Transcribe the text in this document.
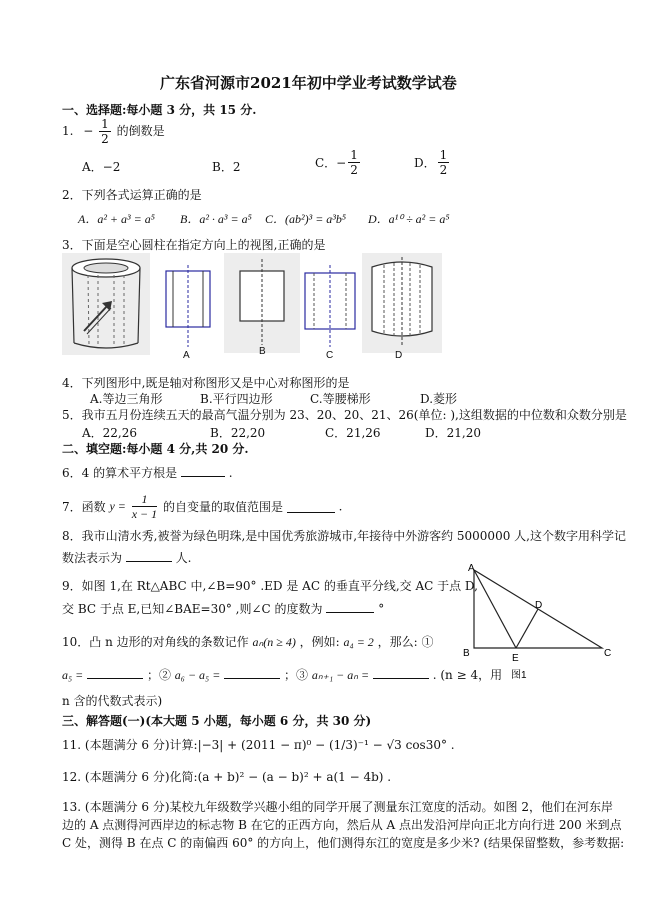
广东省河源市2021年初中学业考试数学试卷
一、选择题:每小题 3 分，共 15 分.
1. − $\frac{1}{2}$ 的倒数是
A．−2	B．2	C．− $\frac{1}{2}$	D． $\frac{1}{2}$
2．下列各式运算正确的是
A．a² + a³ = a⁵ B．a² · a³ = a⁵ C．(ab²)³ = a³b⁵ D．a¹⁰ ÷ a² = a⁵
3．下面是空心圆柱在指定方向上的视图,正确的是
A	B	C	D
4．下列图形中,既是轴对称图形又是中心对称图形的是
A.等边三角形	B.平行四边形	C.等腰梯形	D.菱形
5．我市五月份连续五天的最高气温分别为 23、20、20、21、26(单位: ),这组数据的中位数和众数分别是
A．22,26	B．22,20	C．21,26	D．21,20
二、填空题:每小题 4 分,共 20 分.
6．4 的算术平方根是	.
7．函数 $y = \frac{1}{x - 1}$ 的自变量的取值范围是	.
8．我市山清水秀,被誉为绿色明珠,是中国优秀旅游城市,年接待中外游客约 5000000 人,这个数字用科学记
数法表示为	人.
9．如图 1,在 Rt△ABC 中,∠B=90° .ED 是 AC 的垂直平分线,交 AC 于点 D,
交 BC 于点 E,已知∠BAE=30° ,则∠C 的度数为	°
A
B	C
D
E
图1
10．凸 n 边形的对角线的条数记作 aₙ(n ≥ 4) ，例如: a₄ = 2 ，那么: ①
a₅ =	；② a₆ − a₅ =	；③ aₙ₊₁ − aₙ =	. (n ≥ 4，用
n 含的代数式表示)
三、解答题(一)(本大题 5 小题，每小题 6 分，共 30 分)
11. (本题满分 6 分)计算:|−3| + (2011 − π)⁰ − (1/3)⁻¹ − √3 cos30° .
12. (本题满分 6 分)化简:(a + b)² − (a − b)² + a(1 − 4b) .
13. (本题满分 6 分)某校九年级数学兴趣小组的同学开展了测量东江宽度的活动。如图 2，他们在河东岸
边的 A 点测得河西岸边的标志物 B 在它的正西方向，然后从 A 点出发沿河岸向正北方向行进 200 米到点
C 处，测得 B 在点 C 的南偏西 60° 的方向上，他们测得东江的宽度是多少米? (结果保留整数，参考数据:
